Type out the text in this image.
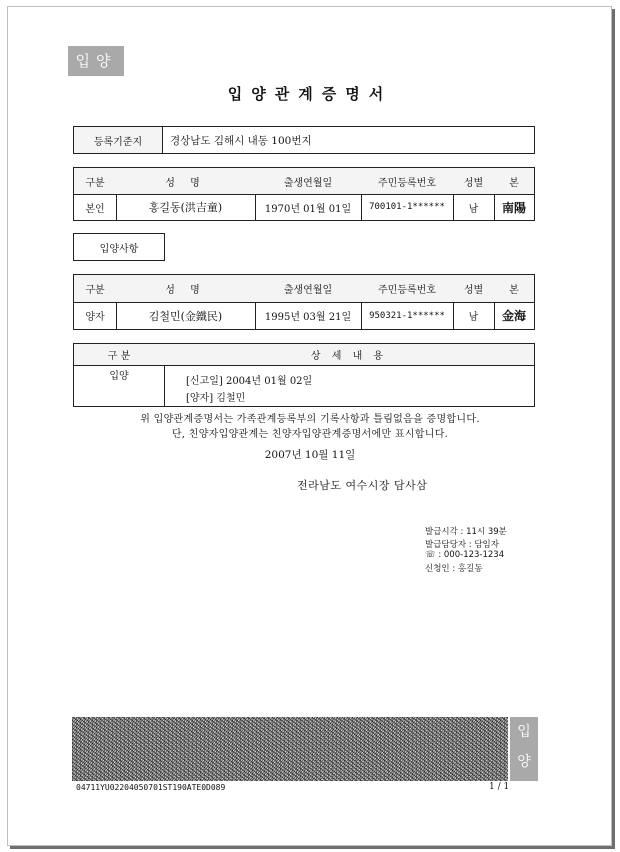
입양
입양관계증명서
등록기준지	경상남도 김해시 내동 100번지
구분	성 명	출생연월일	주민등록번호	성별	본
본인	홍길동(洪吉童)	1970년 01월 01일	700101-1******	남	南陽
입양사항
구분	성 명	출생연월일	주민등록번호	성별	본
양자	김철민(金鐵民)	1995년 03월 21일	950321-1******	남	金海
구 분	상 세 내 용
입양	[신고일] 2004년 01월 02일
[양자] 김철민
위 입양관계증명서는 가족관계등록부의 기록사항과 틀림없음을 증명합니다.
단, 친양자입양관계는 친양자입양관계증명서에만 표시합니다.
2007년 10월 11일
전라남도 여수시장 담사삼
발급시각 : 11시 39분
발급담당자 : 담임자
☏ : 000-123-1234
신청인 : 홍길동
입
양
04711YU02204050701ST190ATE0D089	1 / 1
